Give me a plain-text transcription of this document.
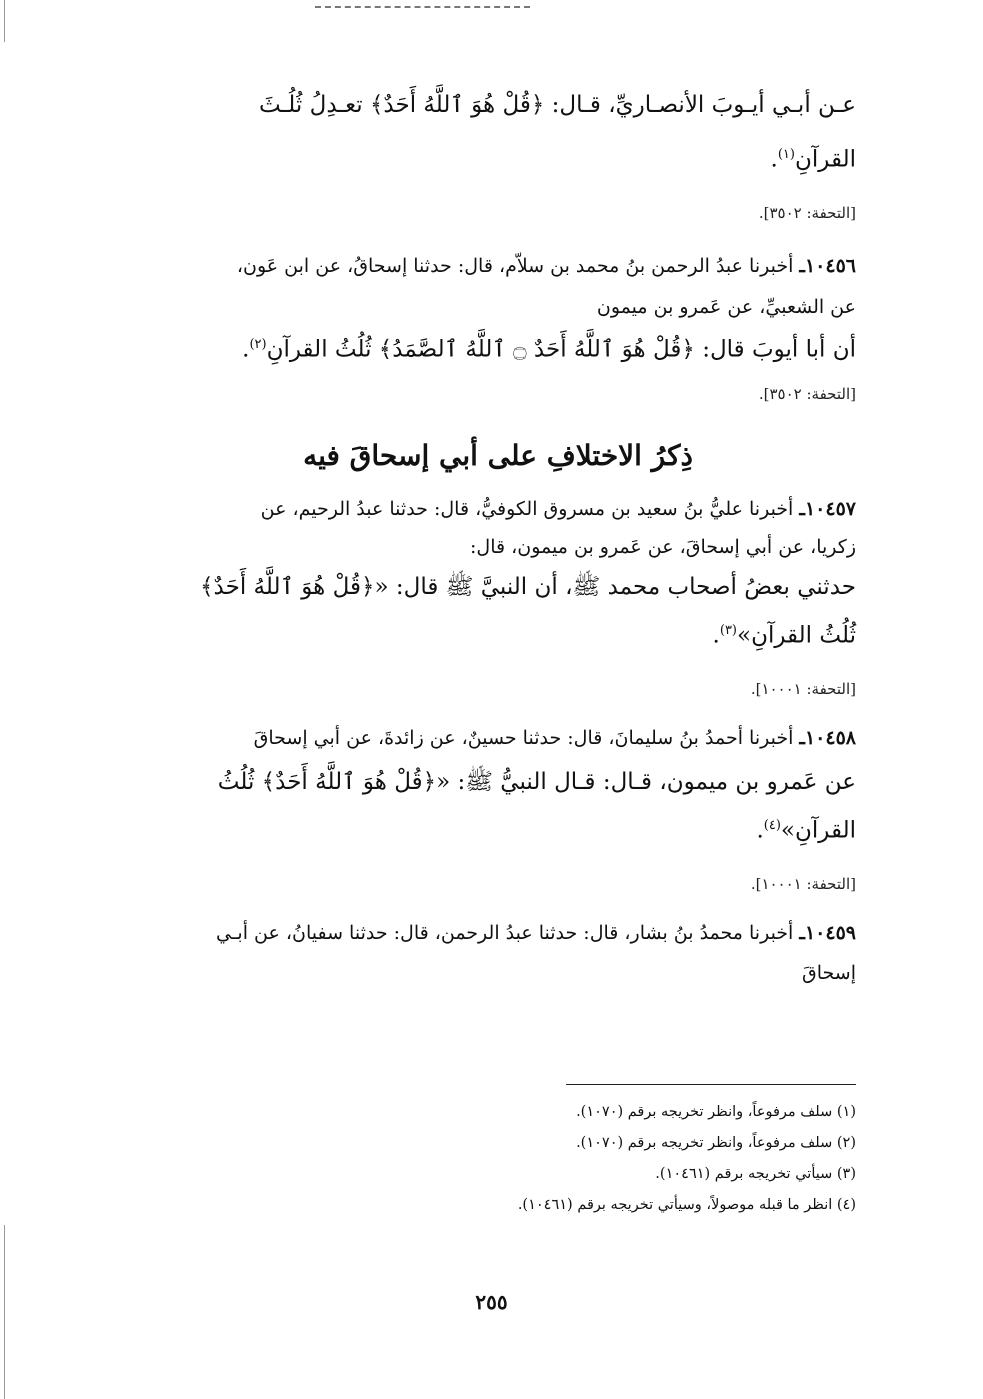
عـن أبـي أيـوبَ الأنصـاريِّ، قـال: ﴿قُلْ هُوَ ٱللَّهُ أَحَدٌ﴾ تعـدِلُ ثُلُـثَ

القرآنِ$^{(١)}$.

[التحفة: ٣٥٠٢].

١٠٤٥٦ـ أخبرنا عبدُ الرحمن بنُ محمد بن سلاّم، قال: حدثنا إسحاقُ، عن ابن عَون،

عن الشعبيِّ، عن عَمرو بن ميمون

أن أبا أيوبَ قال: ﴿قُلْ هُوَ ٱللَّهُ أَحَدٌ ۝ ٱللَّهُ ٱلصَّمَدُ﴾ ثُلُثُ القرآنِ$^{(٢)}$.

[التحفة: ٣٥٠٢].

ذِكرُ الاختلافِ على أبي إسحاقَ فيه

١٠٤٥٧ـ أخبرنا عليُّ بنُ سعيد بن مسروق الكوفيُّ، قال: حدثنا عبدُ الرحيم، عن

زكريا، عن أبي إسحاقَ، عن عَمرو بن ميمون، قال:

حدثني بعضُ أصحاب محمد ﷺ، أن النبيَّ ﷺ قال: «﴿قُلْ هُوَ ٱللَّهُ أَحَدٌ﴾

ثُلُثُ القرآنِ»$^{(٣)}$.

[التحفة: ١٠٠٠١].

١٠٤٥٨ـ أخبرنا أحمدُ بنُ سليمانَ، قال: حدثنا حسينٌ، عن زائدةَ، عن أبي إسحاقَ

عن عَمرو بن ميمون، قـال: قـال النبيُّ ﷺ: «﴿قُلْ هُوَ ٱللَّهُ أَحَدٌ﴾ ثُلُثُ

القرآنِ»$^{(٤)}$.

[التحفة: ١٠٠٠١].

١٠٤٥٩ـ أخبرنا محمدُ بنُ بشار، قال: حدثنا عبدُ الرحمن، قال: حدثنا سفيانُ، عن أبـي

إسحاقَ

(١) سلف مرفوعاً، وانظر تخريجه برقم (١٠٧٠).

(٢) سلف مرفوعاً، وانظر تخريجه برقم (١٠٧٠).

(٣) سيأتي تخريجه برقم (١٠٤٦١).

(٤) انظر ما قبله موصولاً، وسيأتي تخريجه برقم (١٠٤٦١).

٢٥٥
